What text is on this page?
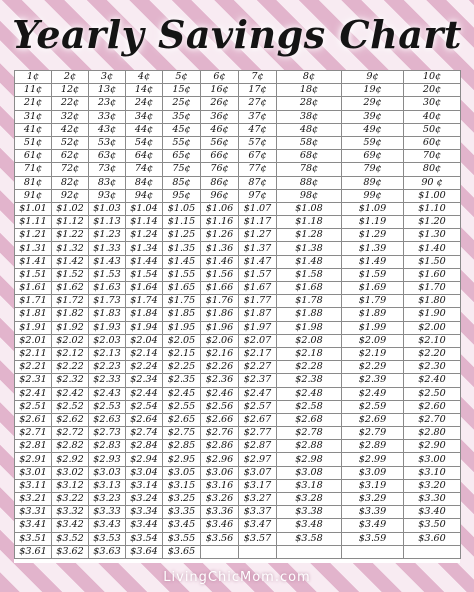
Yearly Savings Chart
1¢	2¢	3¢	4¢	5¢	6¢	7¢	8¢	9¢	10¢
11¢	12¢	13¢	14¢	15¢	16¢	17¢	18¢	19¢	20¢
21¢	22¢	23¢	24¢	25¢	26¢	27¢	28¢	29¢	30¢
31¢	32¢	33¢	34¢	35¢	36¢	37¢	38¢	39¢	40¢
41¢	42¢	43¢	44¢	45¢	46¢	47¢	48¢	49¢	50¢
51¢	52¢	53¢	54¢	55¢	56¢	57¢	58¢	59¢	60¢
61¢	62¢	63¢	64¢	65¢	66¢	67¢	68¢	69¢	70¢
71¢	72¢	73¢	74¢	75¢	76¢	77¢	78¢	79¢	80¢
81¢	82¢	83¢	84¢	85¢	86¢	87¢	88¢	89¢	90 ¢
91¢	92¢	93¢	94¢	95¢	96¢	97¢	98¢	99¢	$1.00
$1.01	$1.02	$1.03	$1.04	$1.05	$1.06	$1.07	$1.08	$1.09	$1.10
$1.11	$1.12	$1.13	$1.14	$1.15	$1.16	$1.17	$1.18	$1.19	$1.20
$1.21	$1.22	$1.23	$1.24	$1.25	$1.26	$1.27	$1.28	$1.29	$1.30
$1.31	$1.32	$1.33	$1.34	$1.35	$1.36	$1.37	$1.38	$1.39	$1.40
$1.41	$1.42	$1.43	$1.44	$1.45	$1.46	$1.47	$1.48	$1.49	$1.50
$1.51	$1.52	$1.53	$1.54	$1.55	$1.56	$1.57	$1.58	$1.59	$1.60
$1.61	$1.62	$1.63	$1.64	$1.65	$1.66	$1.67	$1.68	$1.69	$1.70
$1.71	$1.72	$1.73	$1.74	$1.75	$1.76	$1.77	$1.78	$1.79	$1.80
$1.81	$1.82	$1.83	$1.84	$1.85	$1.86	$1.87	$1.88	$1.89	$1.90
$1.91	$1.92	$1.93	$1.94	$1.95	$1.96	$1.97	$1.98	$1.99	$2.00
$2.01	$2.02	$2.03	$2.04	$2.05	$2.06	$2.07	$2.08	$2.09	$2.10
$2.11	$2.12	$2.13	$2.14	$2.15	$2.16	$2.17	$2.18	$2.19	$2.20
$2.21	$2.22	$2.23	$2.24	$2.25	$2.26	$2.27	$2.28	$2.29	$2.30
$2.31	$2.32	$2.33	$2.34	$2.35	$2.36	$2.37	$2.38	$2.39	$2.40
$2.41	$2.42	$2.43	$2.44	$2.45	$2.46	$2.47	$2.48	$2.49	$2.50
$2.51	$2.52	$2.53	$2.54	$2.55	$2.56	$2.57	$2.58	$2.59	$2.60
$2.61	$2.62	$2.63	$2.64	$2.65	$2.66	$2.67	$2.68	$2.69	$2.70
$2.71	$2.72	$2.73	$2.74	$2.75	$2.76	$2.77	$2.78	$2.79	$2.80
$2.81	$2.82	$2.83	$2.84	$2.85	$2.86	$2.87	$2.88	$2.89	$2.90
$2.91	$2.92	$2.93	$2.94	$2.95	$2.96	$2.97	$2.98	$2.99	$3.00
$3.01	$3.02	$3.03	$3.04	$3.05	$3.06	$3.07	$3.08	$3.09	$3.10
$3.11	$3.12	$3.13	$3.14	$3.15	$3.16	$3.17	$3.18	$3.19	$3.20
$3.21	$3.22	$3.23	$3.24	$3.25	$3.26	$3.27	$3.28	$3.29	$3.30
$3.31	$3.32	$3.33	$3.34	$3.35	$3.36	$3.37	$3.38	$3.39	$3.40
$3.41	$3.42	$3.43	$3.44	$3.45	$3.46	$3.47	$3.48	$3.49	$3.50
$3.51	$3.52	$3.53	$3.54	$3.55	$3.56	$3.57	$3.58	$3.59	$3.60
$3.61	$3.62	$3.63	$3.64	$3.65					
LivingChicMom.com
